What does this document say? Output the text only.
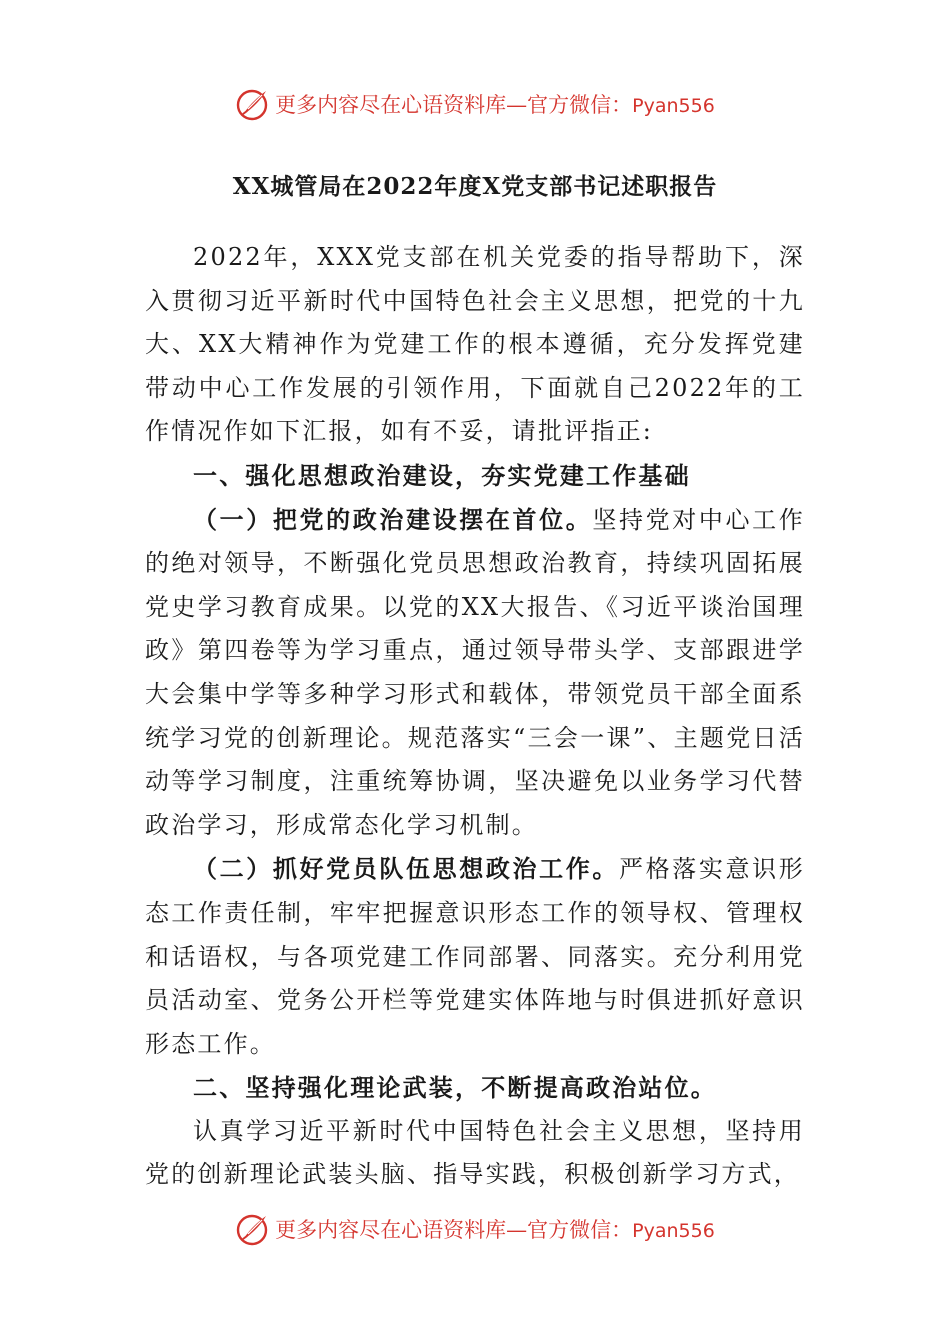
更多内容尽在心语资料库—官方微信：Pyan556
XX城管局在2022年度X党支部书记述职报告

2022年，XXX党支部在机关党委的指导帮助下，深入贯彻习近平新时代中国特色社会主义思想，把党的十九大、XX大精神作为党建工作的根本遵循，充分发挥党建带动中心工作发展的引领作用，下面就自己2022年的工作情况作如下汇报，如有不妥，请批评指正:

一、强化思想政治建设，夯实党建工作基础

（一）把党的政治建设摆在首位。坚持党对中心工作的绝对领导，不断强化党员思想政治教育，持续巩固拓展党史学习教育成果。以党的XX大报告、《习近平谈治国理政》第四卷等为学习重点，通过领导带头学、支部跟进学大会集中学等多种学习形式和载体，带领党员干部全面系统学习党的创新理论。规范落实“三会一课”、主题党日活动等学习制度，注重统筹协调，坚决避免以业务学习代替政治学习，形成常态化学习机制。

（二）抓好党员队伍思想政治工作。严格落实意识形态工作责任制，牢牢把握意识形态工作的领导权、管理权和话语权，与各项党建工作同部署、同落实。充分利用党员活动室、党务公开栏等党建实体阵地与时俱进抓好意识形态工作。

二、坚持强化理论武装，不断提高政治站位。

认真学习近平新时代中国特色社会主义思想，坚持用党的创新理论武装头脑、指导实践，积极创新学习方式，

更多内容尽在心语资料库—官方微信：Pyan556
